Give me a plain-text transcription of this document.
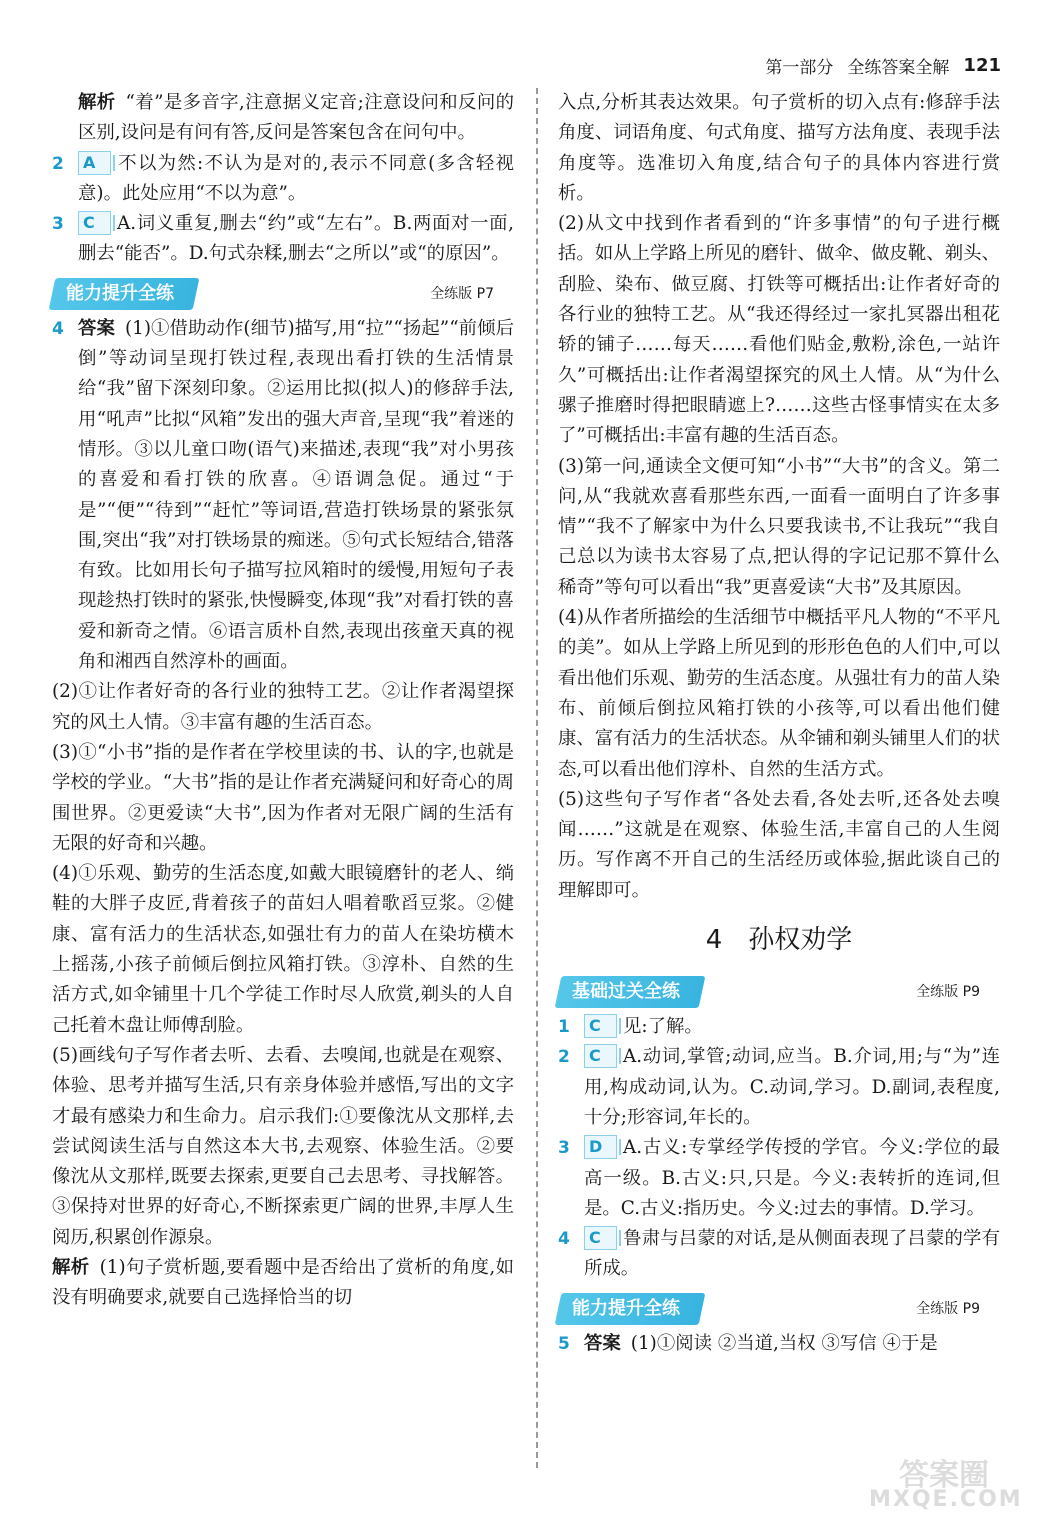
第一部分 全练答案全解 121

解析 “着”是多音字,注意据义定音;注意设问和反问的区别,设问是有问有答,反问是答案包含在问句中。

2	A 不以为然:不认为是对的,表示不同意(多含轻视意)。此处应用“不以为意”。
3	C A.词义重复,删去“约”或“左右”。B.两面对一面,删去“能否”。D.句式杂糅,删去“之所以”或“的原因”。
能力提升全练	全练版 P7
4 答案 (1)①借助动作(细节)描写,用“拉”“扬起”“前倾后倒”等动词呈现打铁过程,表现出看打铁的生活情景给“我”留下深刻印象。②运用比拟(拟人)的修辞手法,用“吼声”比拟“风箱”发出的强大声音,呈现“我”着迷的情形。③以儿童口吻(语气)来描述,表现“我”对小男孩的喜爱和看打铁的欣喜。④语调急促。通过“于是”“便”“待到”“赶忙”等词语,营造打铁场景的紧张氛围,突出“我”对打铁场景的痴迷。⑤句式长短结合,错落有致。比如用长句子描写拉风箱时的缓慢,用短句子表现趁热打铁时的紧张,快慢瞬变,体现“我”对看打铁的喜爱和新奇之情。⑥语言质朴自然,表现出孩童天真的视角和湘西自然淳朴的画面。

(2)①让作者好奇的各行业的独特工艺。②让作者渴望探究的风土人情。③丰富有趣的生活百态。

(3)①“小书”指的是作者在学校里读的书、认的字,也就是学校的学业。“大书”指的是让作者充满疑问和好奇心的周围世界。②更爱读“大书”,因为作者对无限广阔的生活有无限的好奇和兴趣。

(4)①乐观、勤劳的生活态度,如戴大眼镜磨针的老人、绱鞋的大胖子皮匠,背着孩子的苗妇人唱着歌舀豆浆。②健康、富有活力的生活状态,如强壮有力的苗人在染坊横木上摇荡,小孩子前倾后倒拉风箱打铁。③淳朴、自然的生活方式,如伞铺里十几个学徒工作时尽人欣赏,剃头的人自己托着木盘让师傅刮脸。

(5)画线句子写作者去听、去看、去嗅闻,也就是在观察、体验、思考并描写生活,只有亲身体验并感悟,写出的文字才最有感染力和生命力。启示我们:①要像沈从文那样,去尝试阅读生活与自然这本大书,去观察、体验生活。②要像沈从文那样,既要去探索,更要自己去思考、寻找解答。③保持对世界的好奇心,不断探索更广阔的世界,丰厚人生阅历,积累创作源泉。

解析 (1)句子赏析题,要看题中是否给出了赏析的角度,如没有明确要求,就要自己选择恰当的切

入点,分析其表达效果。句子赏析的切入点有:修辞手法角度、词语角度、句式角度、描写方法角度、表现手法角度等。选准切入角度,结合句子的具体内容进行赏析。

(2)从文中找到作者看到的“许多事情”的句子进行概括。如从上学路上所见的磨针、做伞、做皮靴、剃头、刮脸、染布、做豆腐、打铁等可概括出:让作者好奇的各行业的独特工艺。从“我还得经过一家扎冥器出租花轿的铺子……每天……看他们贴金,敷粉,涂色,一站许久”可概括出:让作者渴望探究的风土人情。从“为什么骡子推磨时得把眼睛遮上?……这些古怪事情实在太多了”可概括出:丰富有趣的生活百态。

(3)第一问,通读全文便可知“小书”“大书”的含义。第二问,从“我就欢喜看那些东西,一面看一面明白了许多事情”“我不了解家中为什么只要我读书,不让我玩”“我自己总以为读书太容易了点,把认得的字记记那不算什么稀奇”等句可以看出“我”更喜爱读“大书”及其原因。

(4)从作者所描绘的生活细节中概括平凡人物的“不平凡的美”。如从上学路上所见到的形形色色的人们中,可以看出他们乐观、勤劳的生活态度。从强壮有力的苗人染布、前倾后倒拉风箱打铁的小孩等,可以看出他们健康、富有活力的生活状态。从伞铺和剃头铺里人们的状态,可以看出他们淳朴、自然的生活方式。

(5)这些句子写作者“各处去看,各处去听,还各处去嗅闻……”这就是在观察、体验生活,丰富自己的人生阅历。写作离不开自己的生活经历或体验,据此谈自己的理解即可。

4 孙权劝学
基础过关全练	全练版 P9
1	C 见:了解。
2	C A.动词,掌管;动词,应当。B.介词,用;与“为”连用,构成动词,认为。C.动词,学习。D.副词,表程度,十分;形容词,年长的。
3	D A.古义:专掌经学传授的学官。今义:学位的最高一级。B.古义:只,只是。今义:表转折的连词,但是。C.古义:指历史。今义:过去的事情。D.学习。
4	C 鲁肃与吕蒙的对话,是从侧面表现了吕蒙的学有所成。
能力提升全练	全练版 P9
5 答案 (1)①阅读 ②当道,当权 ③写信 ④于是
答案圈
MXQE.COM
